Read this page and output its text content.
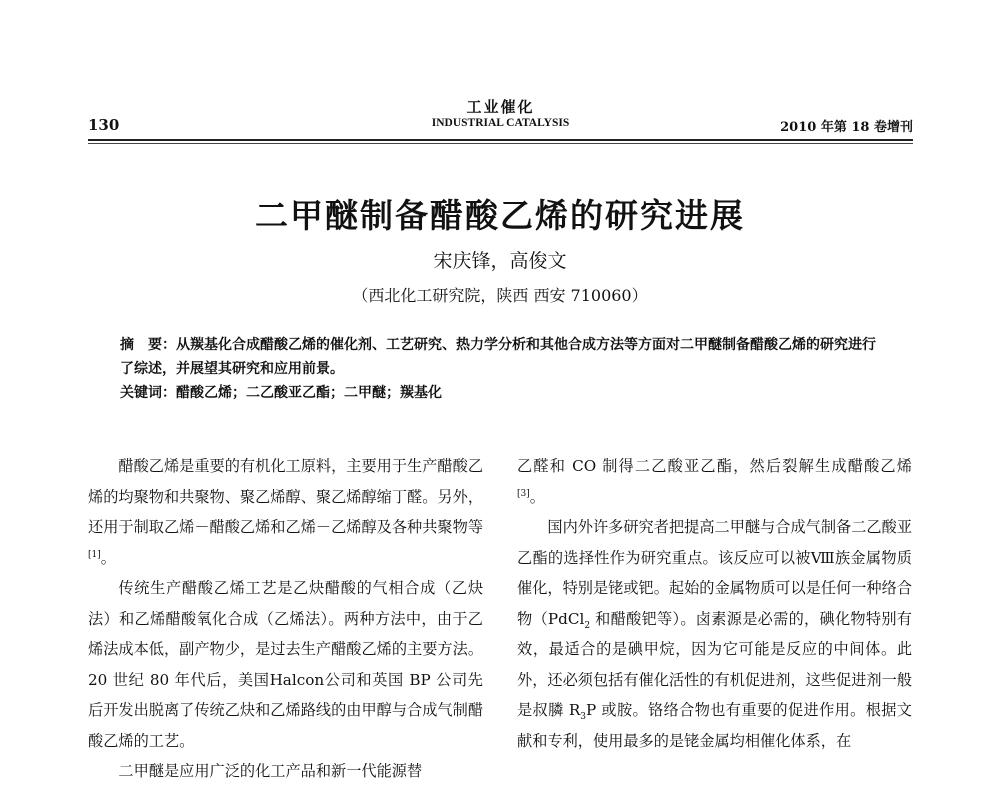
130
工业催化
INDUSTRIAL CATALYSIS	2010 年第 18 卷增刊
二甲醚制备醋酸乙烯的研究进展
宋庆锋，高俊文
（西北化工研究院，陕西 西安 710060）

摘　要：从羰基化合成醋酸乙烯的催化剂、工艺研究、热力学分析和其他合成方法等方面对二甲醚制备醋酸乙烯的研究进行了综述，并展望其研究和应用前景。

关键词：醋酸乙烯；二乙酸亚乙酯；二甲醚；羰基化

醋酸乙烯是重要的有机化工原料，主要用于生产醋酸乙烯的均聚物和共聚物、聚乙烯醇、聚乙烯醇缩丁醛。另外，还用于制取乙烯－醋酸乙烯和乙烯－乙烯醇及各种共聚物等[1]。

传统生产醋酸乙烯工艺是乙炔醋酸的气相合成（乙炔法）和乙烯醋酸氧化合成（乙烯法）。两种方法中，由于乙烯法成本低，副产物少，是过去生产醋酸乙烯的主要方法。20 世纪 80 年代后，美国Halcon公司和英国 BP 公司先后开发出脱离了传统乙炔和乙烯路线的由甲醇与合成气制醋酸乙烯的工艺。

二甲醚是应用广泛的化工产品和新一代能源替

乙醛和 CO 制得二乙酸亚乙酯，然后裂解生成醋酸乙烯[3]。

国内外许多研究者把提高二甲醚与合成气制备二乙酸亚乙酯的选择性作为研究重点。该反应可以被Ⅷ族金属物质催化，特别是铑或钯。起始的金属物质可以是任何一种络合物（PdCl$_2$ 和醋酸钯等）。卤素源是必需的，碘化物特别有效，最适合的是碘甲烷，因为它可能是反应的中间体。此外，还必须包括有催化活性的有机促进剂，这些促进剂一般是叔膦 $R_3P$ 或胺。铬络合物也有重要的促进作用。根据文献和专利，使用最多的是铑金属均相催化体系，在
